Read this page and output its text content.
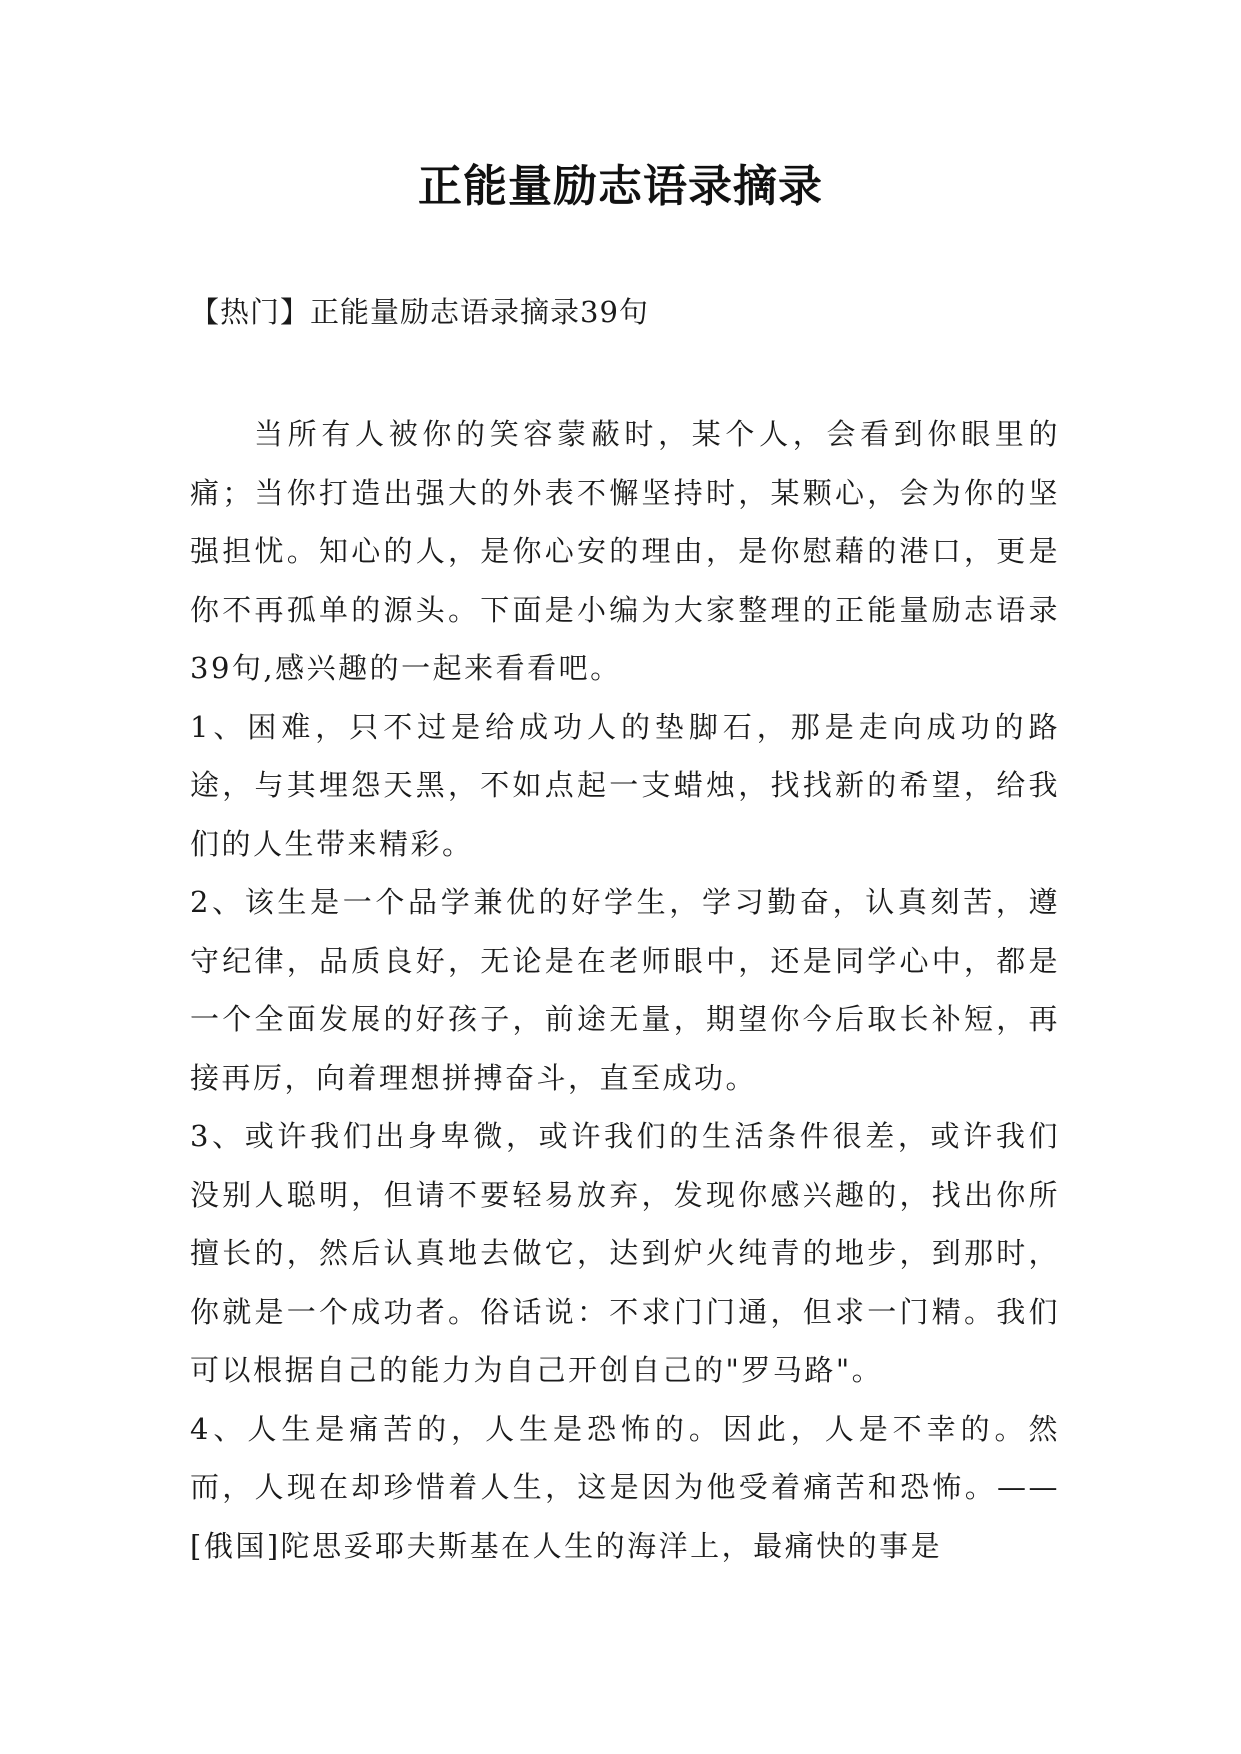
正能量励志语录摘录

【热门】正能量励志语录摘录39句

当所有人被你的笑容蒙蔽时，某个人，会看到你眼里的痛；当你打造出强大的外表不懈坚持时，某颗心，会为你的坚强担忧。知心的人，是你心安的理由，是你慰藉的港口，更是你不再孤单的源头。下面是小编为大家整理的正能量励志语录39句,感兴趣的一起来看看吧。

1、困难，只不过是给成功人的垫脚石，那是走向成功的路途，与其埋怨天黑，不如点起一支蜡烛，找找新的希望，给我们的人生带来精彩。

2、该生是一个品学兼优的好学生，学习勤奋，认真刻苦，遵守纪律，品质良好，无论是在老师眼中，还是同学心中，都是一个全面发展的好孩子，前途无量，期望你今后取长补短，再接再厉，向着理想拼搏奋斗，直至成功。

3、或许我们出身卑微，或许我们的生活条件很差，或许我们没别人聪明，但请不要轻易放弃，发现你感兴趣的，找出你所擅长的，然后认真地去做它，达到炉火纯青的地步，到那时，你就是一个成功者。俗话说：不求门门通，但求一门精。我们可以根据自己的能力为自己开创自己的"罗马路"。

4、人生是痛苦的，人生是恐怖的。因此，人是不幸的。然而，人现在却珍惜着人生，这是因为他受着痛苦和恐怖。——[俄国]陀思妥耶夫斯基在人生的海洋上，最痛快的事是
